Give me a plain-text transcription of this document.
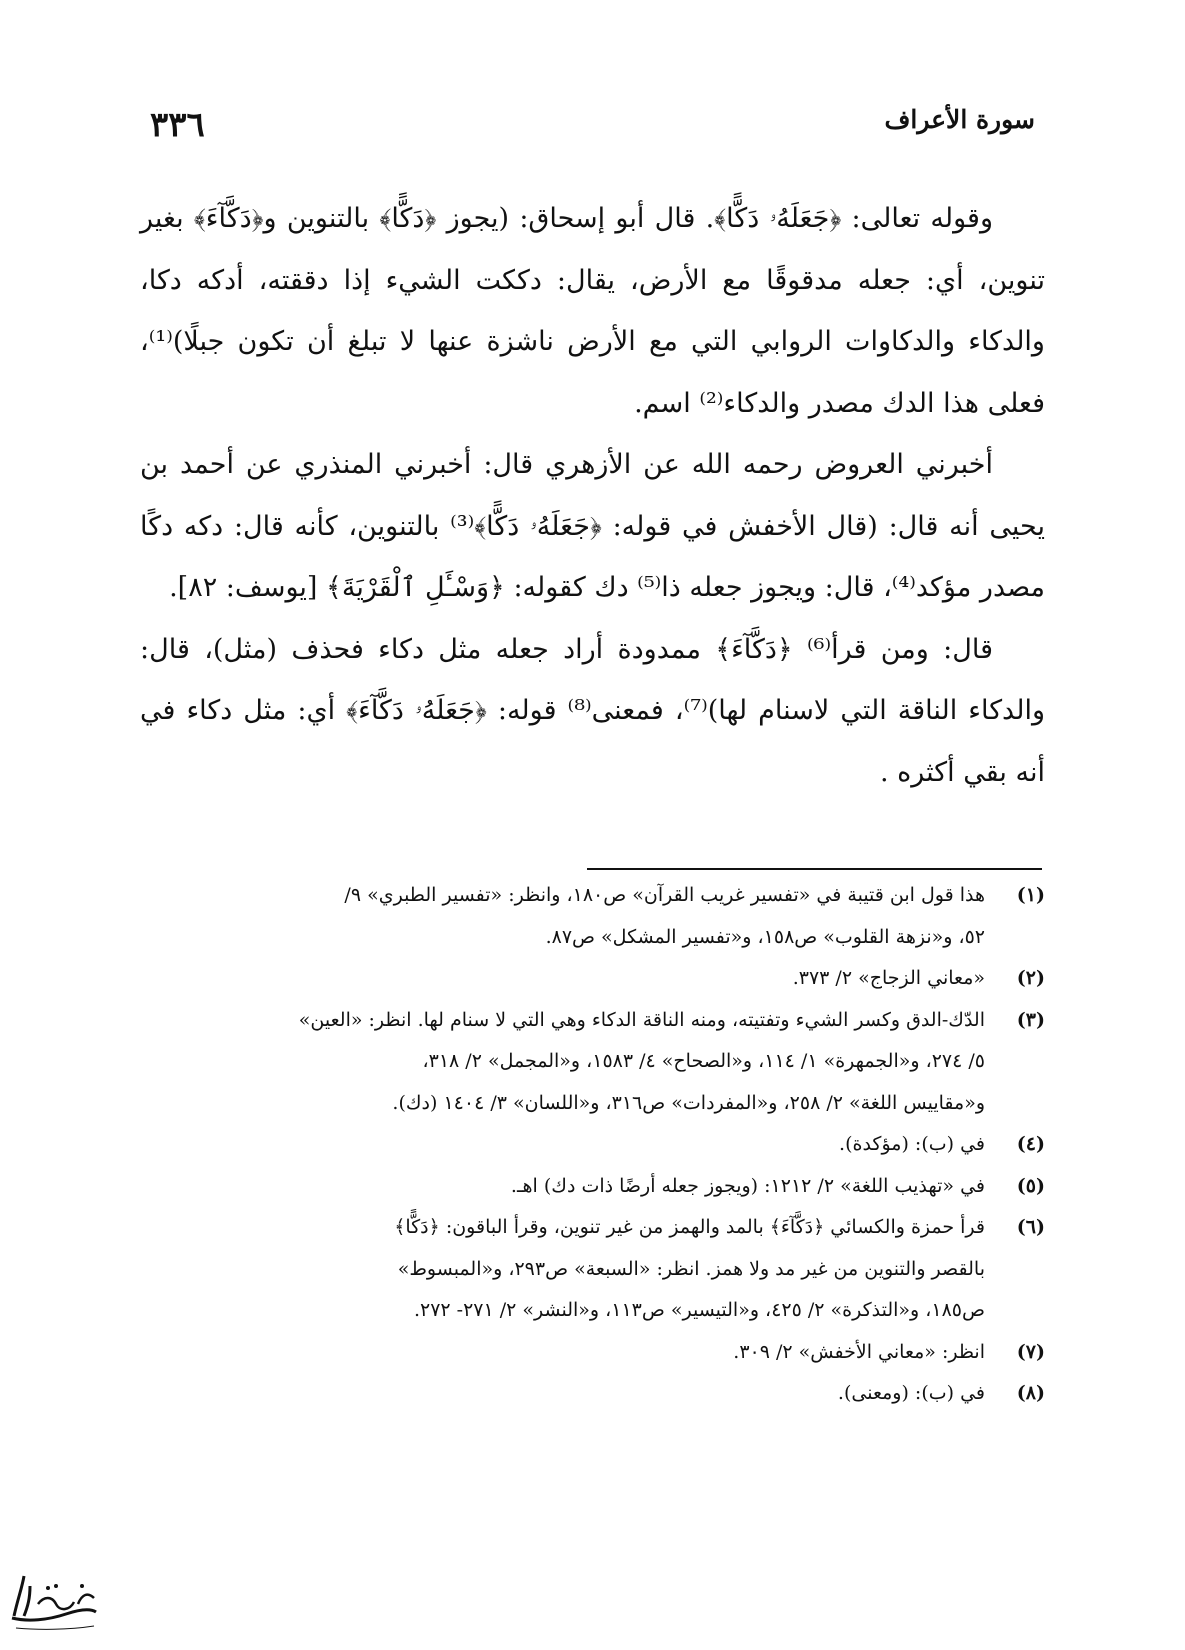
٣٣٦	سورة الأعراف

وقوله تعالى: ﴿جَعَلَهُۥ دَكًّا﴾. قال أبو إسحاق: (يجوز ﴿دَكًّا﴾ بالتنوين و﴿دَكَّآءَ﴾ بغير تنوين، أي: جعله مدقوقًا مع الأرض، يقال: دككت الشيء إذا دققته، أدكه دكا، والدكاء والدكاوات الروابي التي مع الأرض ناشزة عنها لا تبلغ أن تكون جبلًا)⁽¹⁾، فعلى هذا الدك مصدر والدكاء⁽²⁾ اسم.

أخبرني العروض رحمه الله عن الأزهري قال: أخبرني المنذري عن أحمد بن يحيى أنه قال: (قال الأخفش في قوله: ﴿جَعَلَهُۥ دَكًّا﴾⁽³⁾ بالتنوين، كأنه قال: دكه دكًا مصدر مؤكد⁽⁴⁾، قال: ويجوز جعله ذا⁽⁵⁾ دك كقوله: ﴿وَسْـَٔلِ ٱلْقَرْيَةَ﴾ [يوسف: ٨٢].

قال: ومن قرأ⁽⁶⁾ ﴿دَكَّآءَ﴾ ممدودة أراد جعله مثل دكاء فحذف (مثل)، قال: والدكاء الناقة التي لاسنام لها)⁽⁷⁾، فمعنى⁽⁸⁾ قوله: ﴿جَعَلَهُۥ دَكَّآءَ﴾ أي: مثل دكاء في أنه بقي أكثره .

(١)
هذا قول ابن قتيبة في «تفسير غريب القرآن» ص١٨٠، وانظر: «تفسير الطبري» ٩/
٥٢، و«نزهة القلوب» ص١٥٨، و«تفسير المشكل» ص٨٧.
(٢)
«معاني الزجاج» ٢/ ٣٧٣.
(٣)
الدّك-الدق وكسر الشيء وتفتيته، ومنه الناقة الدكاء وهي التي لا سنام لها. انظر: «العين»
٥/ ٢٧٤، و«الجمهرة» ١/ ١١٤، و«الصحاح» ٤/ ١٥٨٣، و«المجمل» ٢/ ٣١٨،
و«مقاييس اللغة» ٢/ ٢٥٨، و«المفردات» ص٣١٦، و«اللسان» ٣/ ١٤٠٤ (دك).
(٤)
في (ب): (مؤكدة).
(٥)
في «تهذيب اللغة» ٢/ ١٢١٢: (ويجوز جعله أرضًا ذات دك) اهـ.
(٦)
قرأ حمزة والكسائي ﴿دَكَّآءَ﴾ بالمد والهمز من غير تنوين، وقرأ الباقون: ﴿دَكًّا﴾
بالقصر والتنوين من غير مد ولا همز. انظر: «السبعة» ص٢٩٣، و«المبسوط»
ص١٨٥، و«التذكرة» ٢/ ٤٢٥، و«التيسير» ص١١٣، و«النشر» ٢/ ٢٧١- ٢٧٢.
(٧)
انظر: «معاني الأخفش» ٢/ ٣٠٩.
(٨)
في (ب): (ومعنى).
